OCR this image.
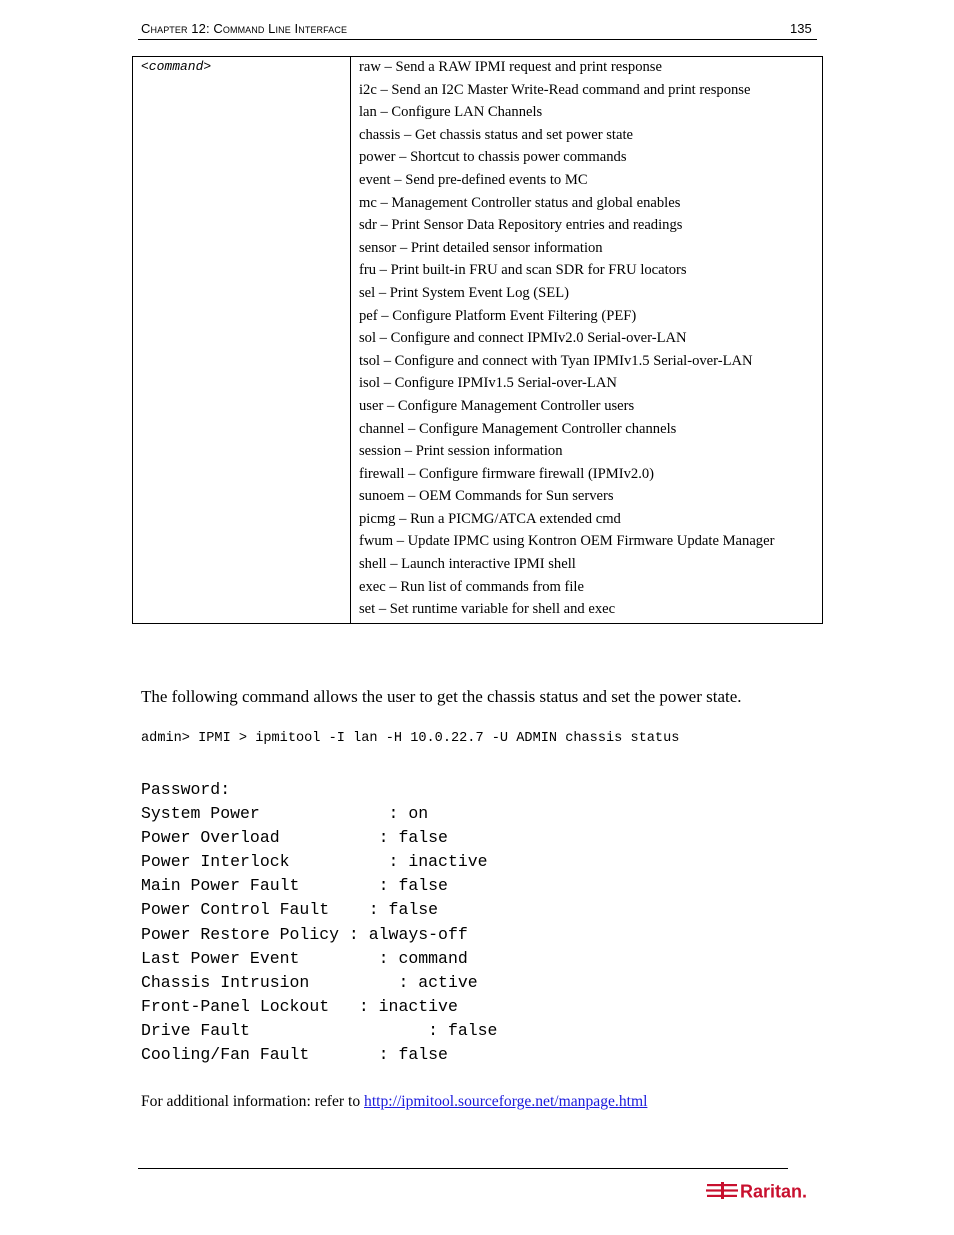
Chapter 12: Command Line Interface	135
<command>	raw – Send a RAW IPMI request and print response
i2c – Send an I2C Master Write-Read command and print response
lan – Configure LAN Channels
chassis – Get chassis status and set power state
power – Shortcut to chassis power commands
event – Send pre-defined events to MC
mc – Management Controller status and global enables
sdr – Print Sensor Data Repository entries and readings
sensor – Print detailed sensor information
fru – Print built-in FRU and scan SDR for FRU locators
sel – Print System Event Log (SEL)
pef – Configure Platform Event Filtering (PEF)
sol – Configure and connect IPMIv2.0 Serial-over-LAN
tsol – Configure and connect with Tyan IPMIv1.5 Serial-over-LAN
isol – Configure IPMIv1.5 Serial-over-LAN
user – Configure Management Controller users
channel – Configure Management Controller channels
session – Print session information
firewall – Configure firmware firewall (IPMIv2.0)
sunoem – OEM Commands for Sun servers
picmg – Run a PICMG/ATCA extended cmd
fwum – Update IPMC using Kontron OEM Firmware Update Manager
shell – Launch interactive IPMI shell
exec – Run list of commands from file
set – Set runtime variable for shell and exec
The following command allows the user to get the chassis status and set the power state.
admin> IPMI > ipmitool -I lan -H 10.0.22.7 -U ADMIN chassis status
Password:
System Power             : on
Power Overload          : false
Power Interlock          : inactive
Main Power Fault        : false
Power Control Fault    : false
Power Restore Policy : always-off
Last Power Event        : command
Chassis Intrusion         : active
Front-Panel Lockout   : inactive
Drive Fault                  : false
Cooling/Fan Fault       : false
For additional information: refer to http://ipmitool.sourceforge.net/manpage.html
Raritan.
